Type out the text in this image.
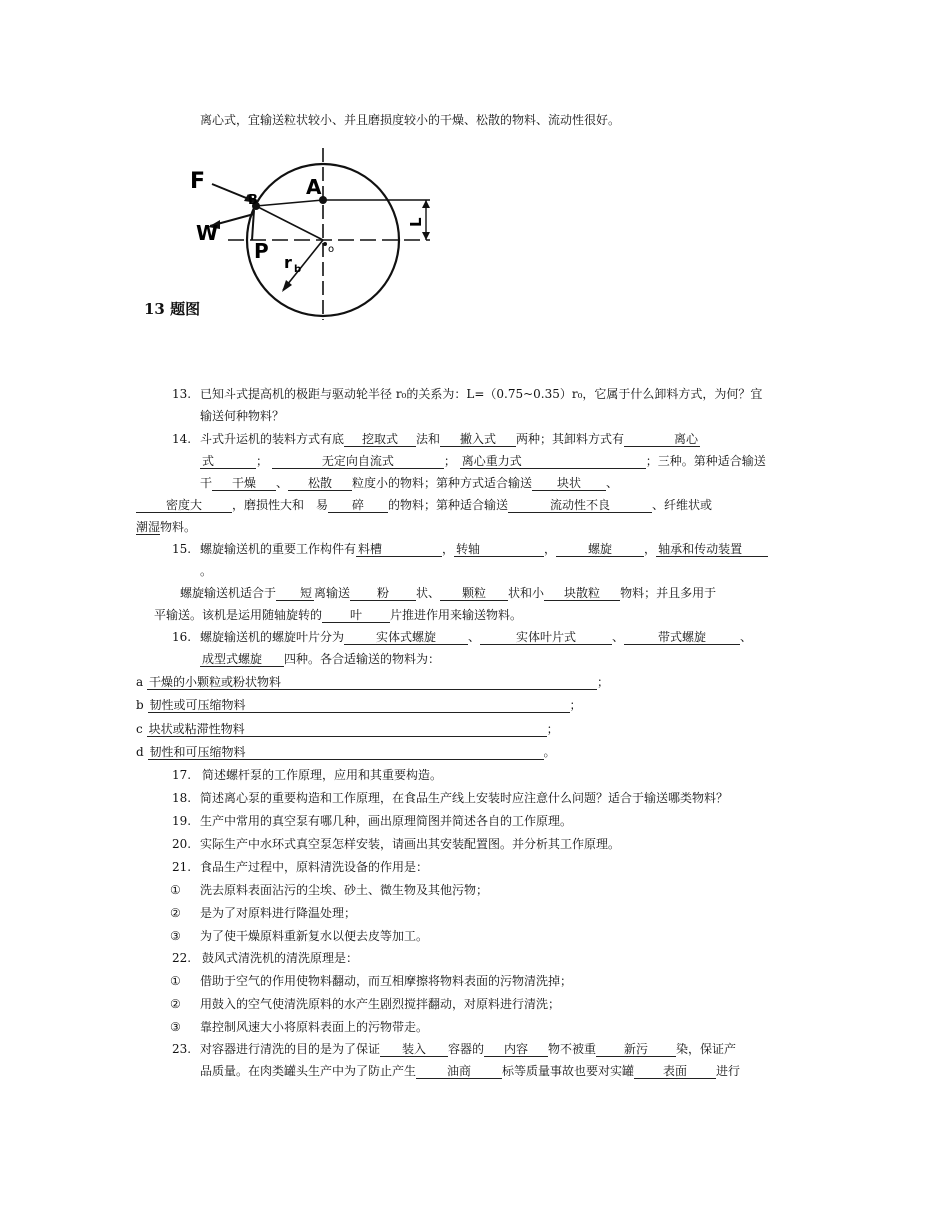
离心式，宜输送粒状较小、并且磨损度较小的干燥、松散的物料、流动性很好。
F
W
B
P
A
L
r b
o
13 题图
13. 已知斗式提高机的极距与驱动轮半径 r₀的关系为：L=（0.75~0.35）r₀，它属于什么卸料方式，为何？宜
输送何种物料？
14. 斗式升运机的装料方式有底 挖取式 法和 撇入式 两种；其卸料方式有	离心
式	；	无定向自流式	； 离心重力式	；三种。第种适合输送
干 干燥 、 松散 粒度小的物料；第种方式适合输送 块状 、
密度大	，磨损性大和　易 碎 的物料；第种适合输送	流动性不良	、纤维状或
潮湿物料。
15. 螺旋输送机的重要工作构件有 料槽	， 转轴	，	螺旋	， 轴承和传动装置
。
螺旋输送机适合于 短 离输送 粉 状、 颗粒 状和小 块散粒 物料；并且多用于
平输送。该机是运用随轴旋转的 叶 片推进作用来输送物料。
16. 螺旋输送机的螺旋叶片分为	实体式螺旋	、	实体叶片式	、	带式螺旋	、
成型式螺旋 四种。各合适输送的物料为：
a 干燥的小颗粒或粉状物料	；
b 韧性或可压缩物料	；
c 块状或粘滞性物料	；
d 韧性和可压缩物料	。
17. 简述螺杆泵的工作原理，应用和其重要构造。
18. 简述离心泵的重要构造和工作原理，在食品生产线上安装时应注意什么问题？适合于输送哪类物料？
19. 生产中常用的真空泵有哪几种，画出原理简图并简述各自的工作原理。
20. 实际生产中水环式真空泵怎样安装，请画出其安装配置图。并分析其工作原理。
21. 食品生产过程中，原料清洗设备的作用是：
① 洗去原料表面沾污的尘埃、砂土、微生物及其他污物；
② 是为了对原料进行降温处理；
③ 为了使干燥原料重新复水以便去皮等加工。
22. 鼓风式清洗机的清洗原理是：
① 借助于空气的作用使物料翻动，而互相摩擦将物料表面的污物清洗掉；
② 用鼓入的空气使清洗原料的水产生剧烈搅拌翻动，对原料进行清洗；
③ 靠控制风速大小将原料表面上的污物带走。
23. 对容器进行清洗的目的是为了保证 装入 容器的 内容 物不被重 新污 染，保证产
品质量。在肉类罐头生产中为了防止产生	油商	标等质量事故也要对实罐 表面 进行
